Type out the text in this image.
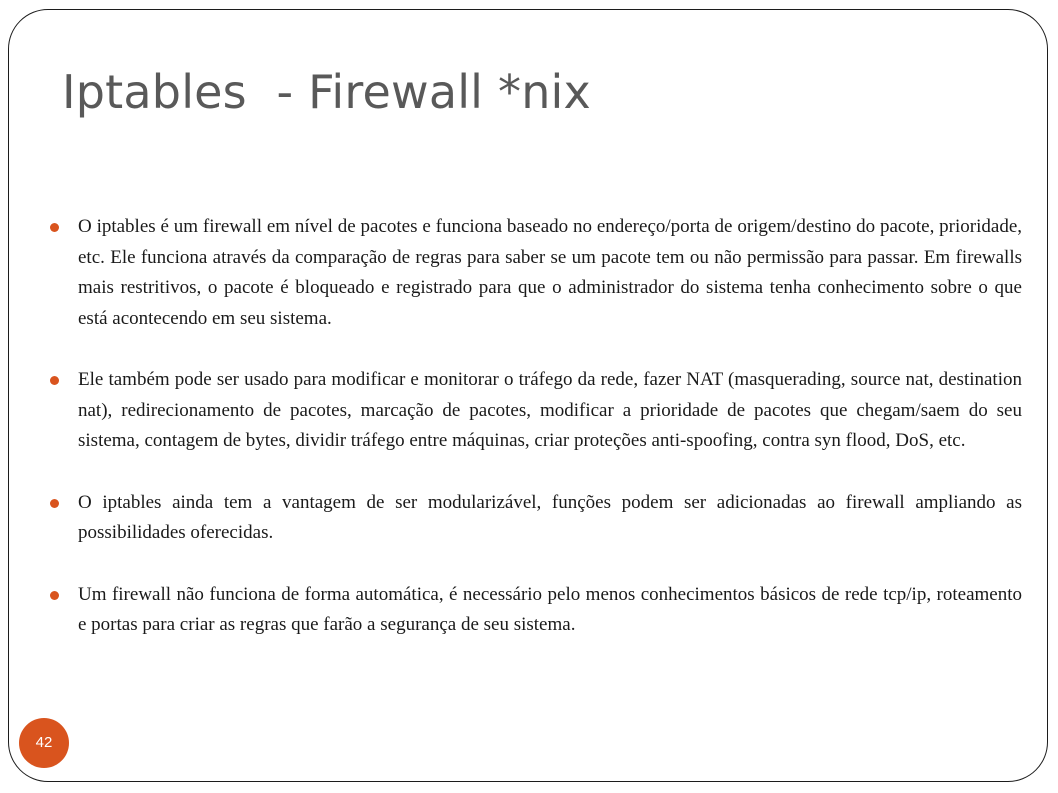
Iptables  - Firewall *nix
O iptables é um firewall em nível de pacotes e funciona baseado no endereço/porta de origem/destino do pacote, prioridade, etc. Ele funciona através da comparação de regras para saber se um pacote tem ou não permissão para passar. Em firewalls mais restritivos, o pacote é bloqueado e registrado para que o administrador do sistema tenha conhecimento sobre o que está acontecendo em seu sistema.
Ele também pode ser usado para modificar e monitorar o tráfego da rede, fazer NAT (masquerading, source nat, destination nat), redirecionamento de pacotes, marcação de pacotes, modificar a prioridade de pacotes que chegam/saem do seu sistema, contagem de bytes, dividir tráfego entre máquinas, criar proteções anti-spoofing, contra syn flood, DoS, etc.
O iptables ainda tem a vantagem de ser modularizável, funções podem ser adicionadas ao firewall ampliando as possibilidades oferecidas.
Um firewall não funciona de forma automática, é necessário pelo menos conhecimentos básicos de rede tcp/ip, roteamento e portas para criar as regras que farão a segurança de seu sistema.
42
